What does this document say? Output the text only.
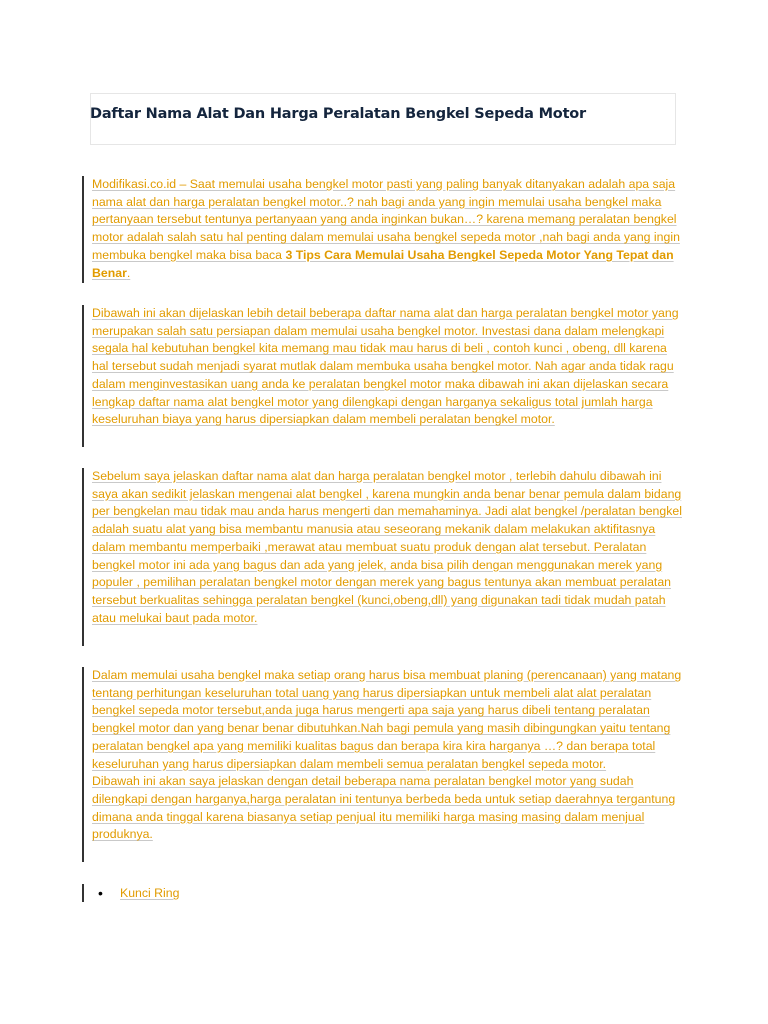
Daftar Nama Alat Dan Harga Peralatan Bengkel Sepeda Motor

Modifikasi.co.id – Saat memulai usaha bengkel motor pasti yang paling banyak ditanyakan adalah apa saja nama alat dan harga peralatan bengkel motor..? nah bagi anda yang ingin memulai usaha bengkel maka pertanyaan tersebut tentunya pertanyaan yang anda inginkan bukan…? karena memang peralatan bengkel motor adalah salah satu hal penting dalam memulai usaha bengkel sepeda motor ,nah bagi anda yang ingin membuka bengkel maka bisa baca 3 Tips Cara Memulai Usaha Bengkel Sepeda Motor Yang Tepat dan Benar.

Dibawah ini akan dijelaskan lebih detail beberapa daftar nama alat dan harga peralatan bengkel motor yang merupakan salah satu persiapan dalam memulai usaha bengkel motor. Investasi dana dalam melengkapi segala hal kebutuhan bengkel kita memang mau tidak mau harus di beli , contoh kunci , obeng, dll karena hal tersebut sudah menjadi syarat mutlak dalam membuka usaha bengkel motor. Nah agar anda tidak ragu dalam menginvestasikan uang anda ke peralatan bengkel motor maka dibawah ini akan dijelaskan secara lengkap daftar nama alat bengkel motor yang dilengkapi dengan harganya sekaligus total jumlah harga keseluruhan biaya yang harus dipersiapkan dalam membeli peralatan bengkel motor.

Sebelum saya jelaskan daftar nama alat dan harga peralatan bengkel motor , terlebih dahulu dibawah ini saya akan sedikit jelaskan mengenai alat bengkel , karena mungkin anda benar benar pemula dalam bidang per bengkelan mau tidak mau anda harus mengerti dan memahaminya. Jadi alat bengkel /peralatan bengkel adalah suatu alat yang bisa membantu manusia atau seseorang mekanik dalam melakukan aktifitasnya dalam membantu memperbaiki ,merawat atau membuat suatu produk dengan alat tersebut. Peralatan bengkel motor ini ada yang bagus dan ada yang jelek, anda bisa pilih dengan menggunakan merek yang populer , pemilihan peralatan bengkel motor dengan merek yang bagus tentunya akan membuat peralatan tersebut berkualitas sehingga peralatan bengkel (kunci,obeng,dll) yang digunakan tadi tidak mudah patah atau melukai baut pada motor.

Dalam memulai usaha bengkel maka setiap orang harus bisa membuat planing (perencanaan) yang matang tentang perhitungan keseluruhan total uang yang harus dipersiapkan untuk membeli alat alat peralatan bengkel sepeda motor tersebut,anda juga harus mengerti apa saja yang harus dibeli tentang peralatan bengkel motor dan yang benar benar dibutuhkan.Nah bagi pemula yang masih dibingungkan yaitu tentang peralatan bengkel apa yang memiliki kualitas bagus dan berapa kira kira harganya …? dan berapa total keseluruhan yang harus dipersiapkan dalam membeli semua peralatan bengkel sepeda motor.

Dibawah ini akan saya jelaskan dengan detail beberapa nama peralatan bengkel motor yang sudah dilengkapi dengan harganya,harga peralatan ini tentunya berbeda beda untuk setiap daerahnya tergantung dimana anda tinggal karena biasanya setiap penjual itu memiliki harga masing masing dalam menjual produknya.

• Kunci Ring
